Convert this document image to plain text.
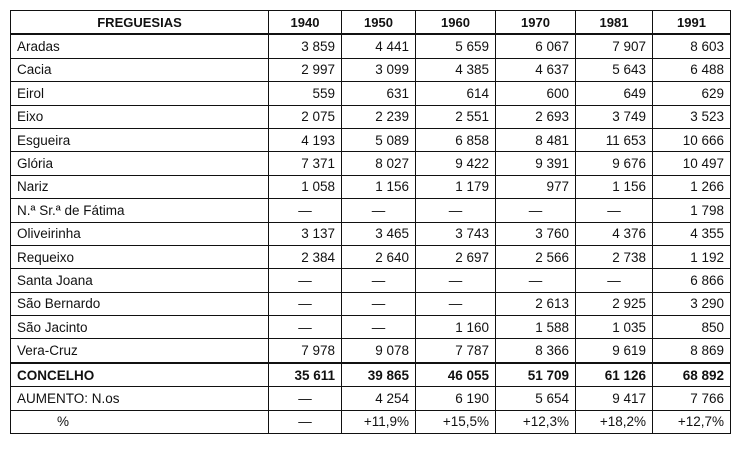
FREGUESIAS	1940	1950	1960	1970	1981	1991
Aradas	3 859	4 441	5 659	6 067	7 907	8 603
Cacia	2 997	3 099	4 385	4 637	5 643	6 488
Eirol	559	631	614	600	649	629
Eixo	2 075	2 239	2 551	2 693	3 749	3 523
Esgueira	4 193	5 089	6 858	8 481	11 653	10 666
Glória	7 371	8 027	9 422	9 391	9 676	10 497
Nariz	1 058	1 156	1 179	977	1 156	1 266
N.ª Sr.ª de Fátima	—	—	—	—	—	1 798
Oliveirinha	3 137	3 465	3 743	3 760	4 376	4 355
Requeixo	2 384	2 640	2 697	2 566	2 738	1 192
Santa Joana	—	—	—	—	—	6 866
São Bernardo	—	—	—	2 613	2 925	3 290
São Jacinto	—	—	1 160	1 588	1 035	850
Vera-Cruz	7 978	9 078	7 787	8 366	9 619	8 869
CONCELHO	35 611	39 865	46 055	51 709	61 126	68 892
AUMENTO: N.os	—	4 254	6 190	5 654	9 417	7 766
%	—	+11,9%	+15,5%	+12,3%	+18,2%	+12,7%
